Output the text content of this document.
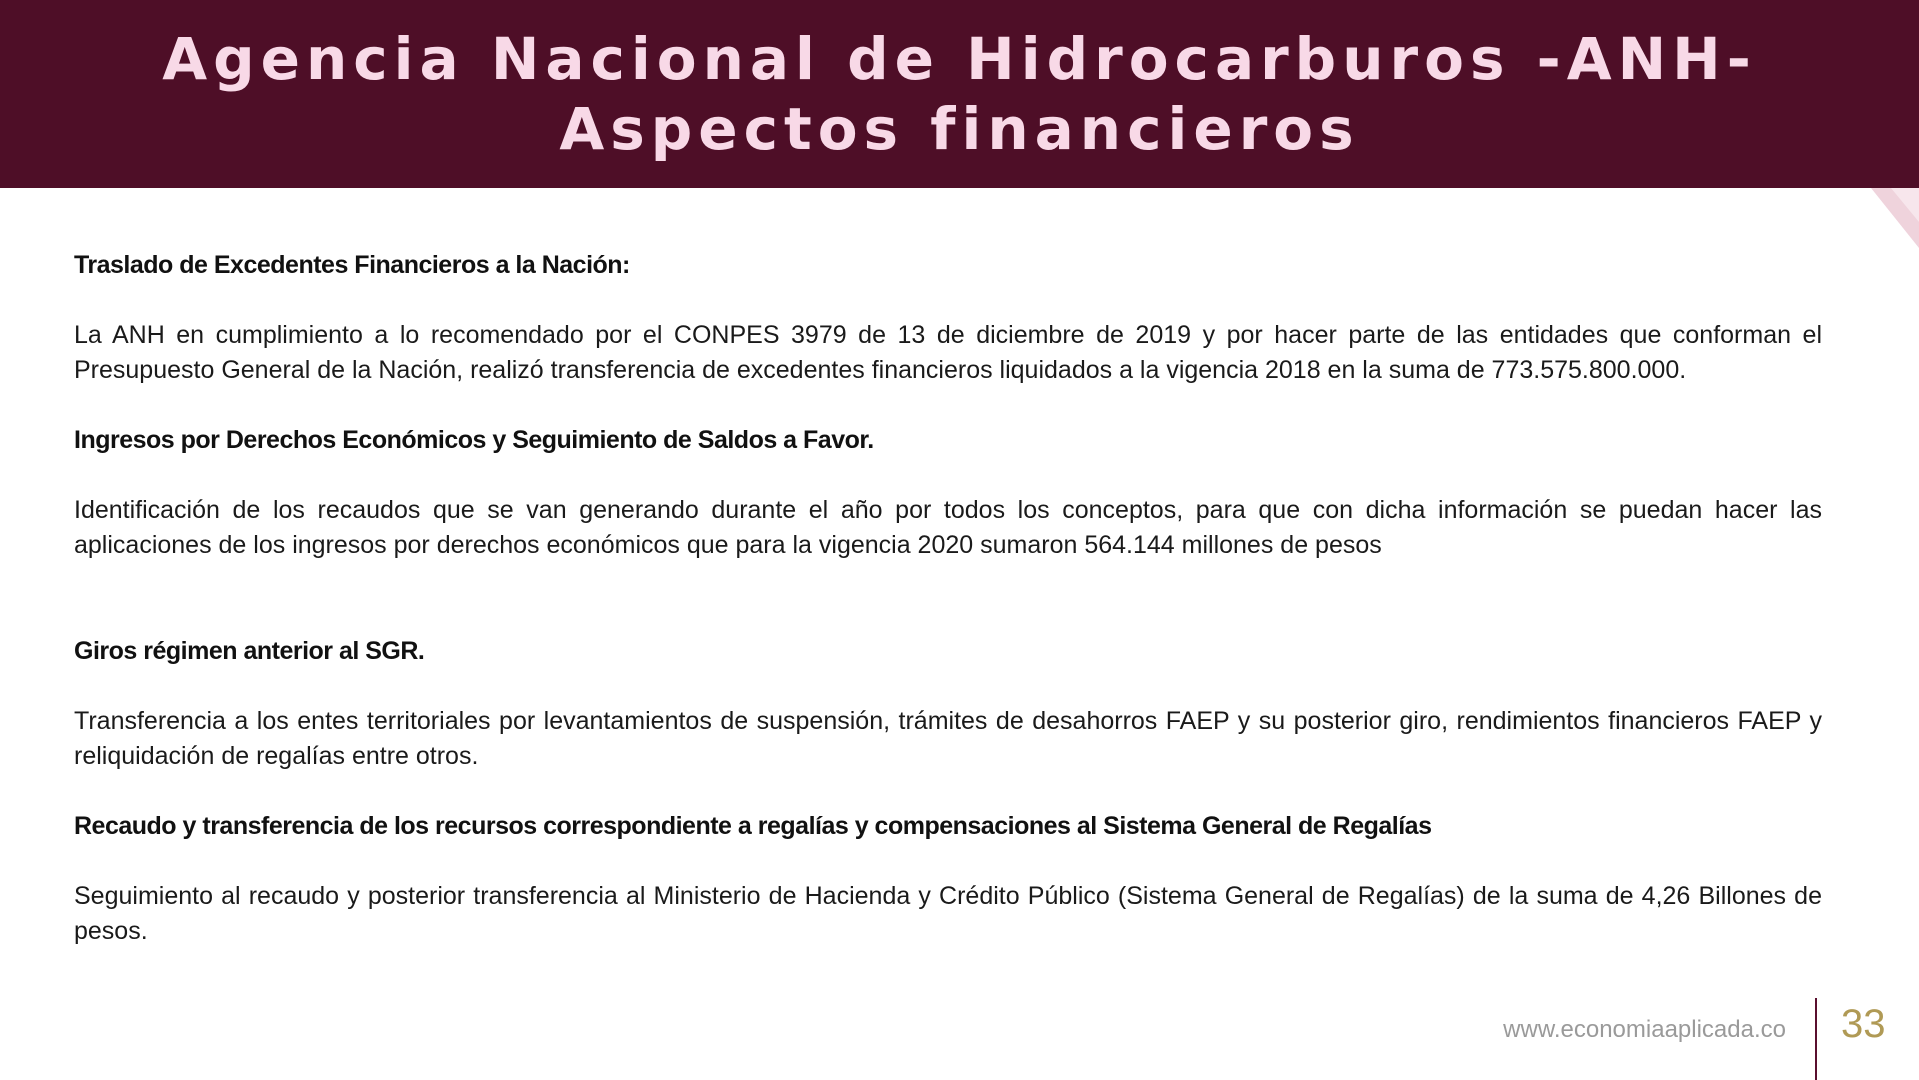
Agencia Nacional de Hidrocarburos -ANH-
Aspectos financieros

Traslado de Excedentes Financieros a la Nación:

La ANH en cumplimiento a lo recomendado por el CONPES 3979 de 13 de diciembre de 2019 y por hacer parte de las entidades que conforman el Presupuesto General de la Nación, realizó transferencia de excedentes financieros liquidados a la vigencia 2018 en la suma de 773.575.800.000.

Ingresos por Derechos Económicos y Seguimiento de Saldos a Favor.

Identificación de los recaudos que se van generando durante el año por todos los conceptos, para que con dicha información se puedan hacer las aplicaciones de los ingresos por derechos económicos que para la vigencia 2020 sumaron 564.144 millones de pesos

Giros régimen anterior al SGR.

Transferencia a los entes territoriales por levantamientos de suspensión, trámites de desahorros FAEP y su posterior giro, rendimientos financieros FAEP y reliquidación de regalías entre otros.

Recaudo y transferencia de los recursos correspondiente a regalías y compensaciones al Sistema General de Regalías

Seguimiento al recaudo y posterior transferencia al Ministerio de Hacienda y Crédito Público (Sistema General de Regalías) de la suma de 4,26 Billones de pesos.

www.economiaaplicada.co 33
